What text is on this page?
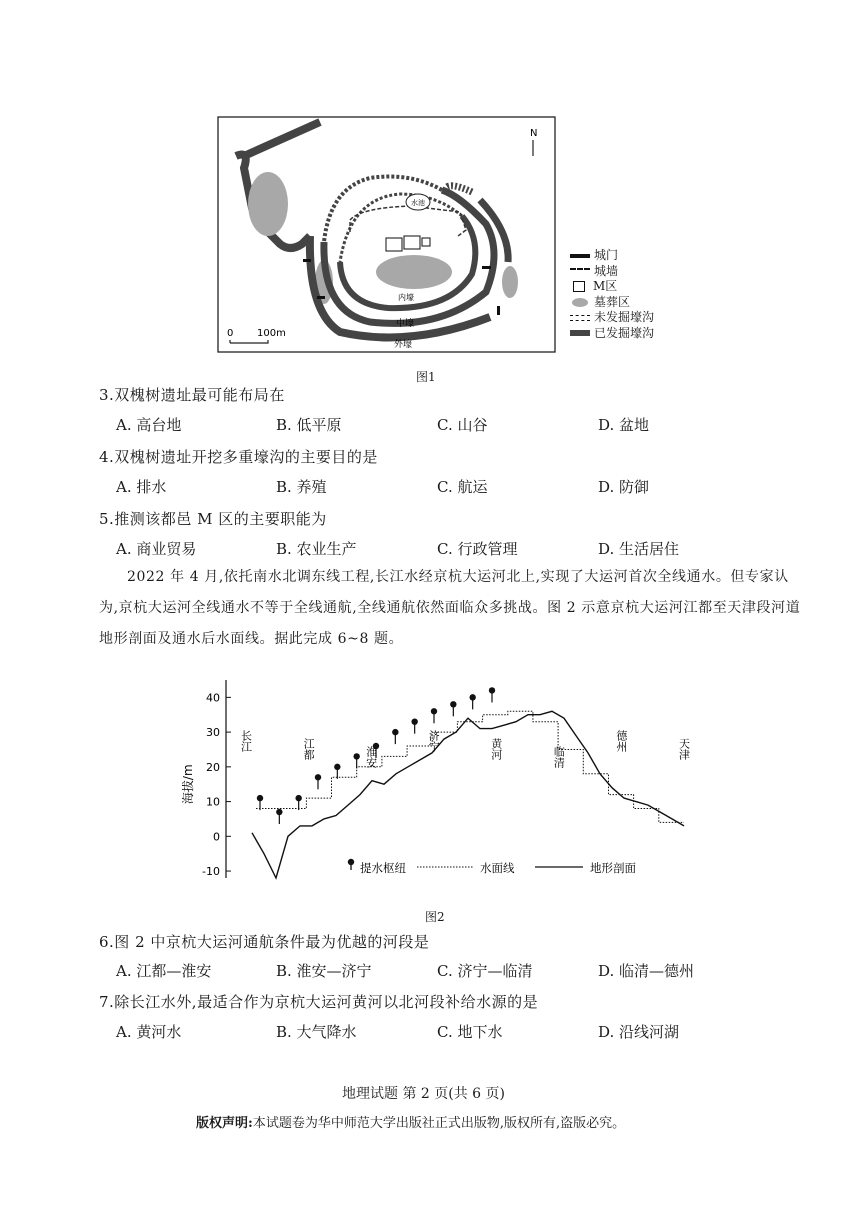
N
水池
内壕
中壕
外壕
0 100m
城门
城墙
M区
墓葬区
未发掘壕沟
已发掘壕沟
图1
3.双槐树遗址最可能布局在
A. 高台地	B. 低平原	C. 山谷	D. 盆地
4.双槐树遗址开挖多重壕沟的主要目的是
A. 排水	B. 养殖	C. 航运	D. 防御
5.推测该都邑 M 区的主要职能为
A. 商业贸易	B. 农业生产	C. 行政管理	D. 生活居住
2022 年 4 月,依托南水北调东线工程,长江水经京杭大运河北上,实现了大运河首次全线通水。但专家认为,京杭大运河全线通水不等于全线通航,全线通航依然面临众多挑战。图 2 示意京杭大运河江都至天津段河道地形剖面及通水后水面线。据此完成 6~8 题。
-10
0
10
20
30
40
海拔/m
长江	江都	淮安
济宁	黄河	临清
德州	天津
提水枢纽	水面线	地形剖面
图2
6.图 2 中京杭大运河通航条件最为优越的河段是
A. 江都—淮安	B. 淮安—济宁	C. 济宁—临清	D. 临清—德州
7.除长江水外,最适合作为京杭大运河黄河以北河段补给水源的是
A. 黄河水	B. 大气降水	C. 地下水	D. 沿线河湖
地理试题 第 2 页(共 6 页)
版权声明:本试题卷为华中师范大学出版社正式出版物,版权所有,盗版必究。
